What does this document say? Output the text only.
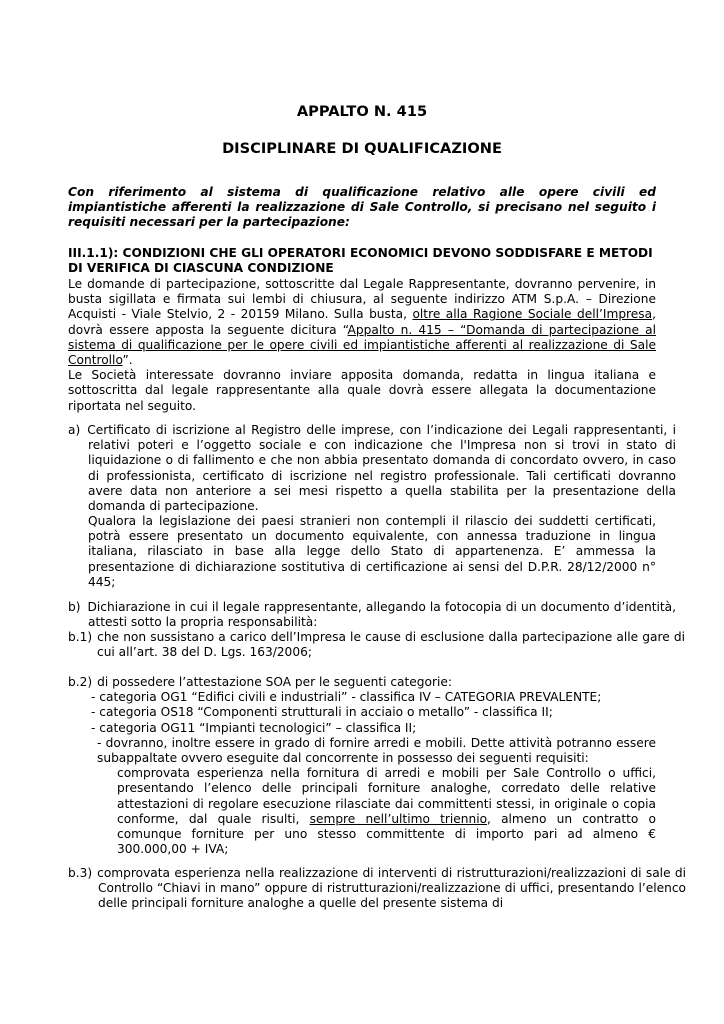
APPALTO N. 415
DISCIPLINARE DI QUALIFICAZIONE

Con riferimento al sistema di qualificazione relativo alle opere civili ed impiantistiche afferenti la realizzazione di Sale Controllo, si precisano nel seguito i requisiti necessari per la partecipazione:

III.1.1): CONDIZIONI CHE GLI OPERATORI ECONOMICI DEVONO SODDISFARE E METODI DI VERIFICA DI CIASCUNA CONDIZIONE

Le domande di partecipazione, sottoscritte dal Legale Rappresentante, dovranno pervenire, in busta sigillata e firmata sui lembi di chiusura, al seguente indirizzo ATM S.p.A. – Direzione Acquisti - Viale Stelvio, 2 - 20159 Milano. Sulla busta, oltre alla Ragione Sociale dell’Impresa, dovrà essere apposta la seguente dicitura “Appalto n. 415 – “Domanda di partecipazione al sistema di qualificazione per le opere civili ed impiantistiche afferenti al realizzazione di Sale Controllo”.

Le Società interessate dovranno inviare apposita domanda, redatta in lingua italiana e sottoscritta dal legale rappresentante alla quale dovrà essere allegata la documentazione riportata nel seguito.

a) Certificato di iscrizione al Registro delle imprese, con l’indicazione dei Legali rappresentanti, i relativi poteri e l’oggetto sociale e con indicazione che l'Impresa non si trovi in stato di liquidazione o di fallimento e che non abbia presentato domanda di concordato ovvero, in caso di professionista, certificato di iscrizione nel registro professionale. Tali certificati dovranno avere data non anteriore a sei mesi rispetto a quella stabilita per la presentazione della domanda di partecipazione.

Qualora la legislazione dei paesi stranieri non contempli il rilascio dei suddetti certificati, potrà essere presentato un documento equivalente, con annessa traduzione in lingua italiana, rilasciato in base alla legge dello Stato di appartenenza. E’ ammessa la presentazione di dichiarazione sostitutiva di certificazione ai sensi del D.P.R. 28/12/2000 n° 445;

b) Dichiarazione in cui il legale rappresentante, allegando la fotocopia di un documento d’identità, attesti sotto la propria responsabilità:

b.1) che non sussistano a carico dell’Impresa le cause di esclusione dalla partecipazione alle gare di cui all’art. 38 del D. Lgs. 163/2006;

b.2) di possedere l’attestazione SOA per le seguenti categorie:

- categoria OG1 “Edifici civili e industriali” - classifica IV – CATEGORIA PREVALENTE;

- categoria OS18 “Componenti strutturali in acciaio o metallo” - classifica II;

- categoria OG11 “Impianti tecnologici” – classifica II;

- dovranno, inoltre essere in grado di fornire arredi e mobili. Dette attività potranno essere subappaltate ovvero eseguite dal concorrente in possesso dei seguenti requisiti:

comprovata esperienza nella fornitura di arredi e mobili per Sale Controllo o uffici, presentando l’elenco delle principali forniture analoghe, corredato delle relative attestazioni di regolare esecuzione rilasciate dai committenti stessi, in originale o copia conforme, dal quale risulti, sempre nell’ultimo triennio, almeno un contratto o comunque forniture per uno stesso committente di importo pari ad almeno € 300.000,00 + IVA;

b.3) comprovata esperienza nella realizzazione di interventi di ristrutturazioni/realizzazioni di sale di Controllo “Chiavi in mano” oppure di ristrutturazioni/realizzazione di uffici, presentando l’elenco delle principali forniture analoghe a quelle del presente sistema di
